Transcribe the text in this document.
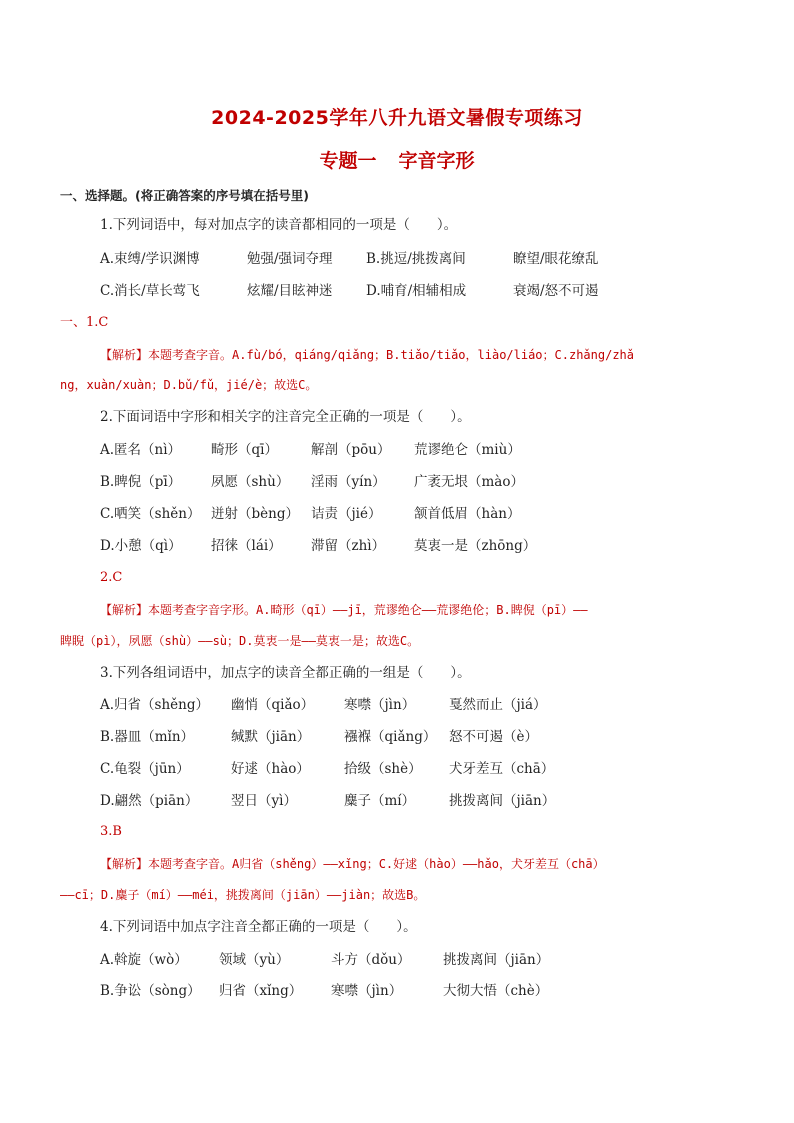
2024-2025学年八升九语文暑假专项练习
专题一 字音字形
一、选择题。(将正确答案的序号填在括号里)
1.下列词语中，每对加点字的读音都相同的一项是（　　）。
A.束缚/学识渊博	勉强/强词夺理 B.挑逗/挑拨离间	瞭望/眼花缭乱
C.消长/草长莺飞	炫耀/目眩神迷 D.哺育/相辅相成	衰竭/怒不可遏
一、1.C
【解析】本题考查字音。A.fù/bó，qiáng/qiǎng；B.tiǎo/tiǎo，liào/liáo；C.zhǎng/zhǎ
ng，xuàn/xuàn；D.bǔ/fǔ，jié/è；故选C。
2.下面词语中字形和相关字的注音完全正确的一项是（　　）。
A.匿名（nì） 畸形（qī） 解剖（pōu） 荒谬绝仑（miù）
B.睥倪（pī） 夙愿（shù） 淫雨（yín） 广袤无垠（mào）
C.哂笑（shěn） 迸射（bèng） 诘责（jié） 颔首低眉（hàn）
D.小憩（qì） 招徕（lái） 滞留（zhì） 莫衷一是（zhōng）
2.C
【解析】本题考查字音字形。A.畸形（qī）——jī，荒谬绝仑——荒谬绝伦；B.睥倪（pī）——
睥睨（pì），夙愿（shù）——sù；D.莫衷一是——莫衷一是；故选C。
3.下列各组词语中，加点字的读音全都正确的一组是（　　）。
A.归省（shěng） 幽悄（qiǎo） 寒噤（jìn）	戛然而止（jiá）
B.器皿（mǐn）	缄默（jiān）	襁褓（qiǎng） 怒不可遏（è）
C.龟裂（jūn）	好逑（hào）	拾级（shè） 犬牙差互（chā）
D.翩然（piān） 翌日（yì）	麋子（mí）	挑拨离间（jiān）
3.B
【解析】本题考查字音。A归省（shěng）——xǐng；C.好逑（hào）——hǎo，犬牙差互（chā）
——cī；D.麋子（mí）——méi，挑拨离间（jiān）——jiàn；故选B。
4.下列词语中加点字注音全都正确的一项是（　　）。
A.斡旋（wò） 领域（yù）	斗方（dǒu） 挑拨离间（jiān）
B.争讼（sòng） 归省（xǐng） 寒噤（jìn）	大彻大悟（chè）
